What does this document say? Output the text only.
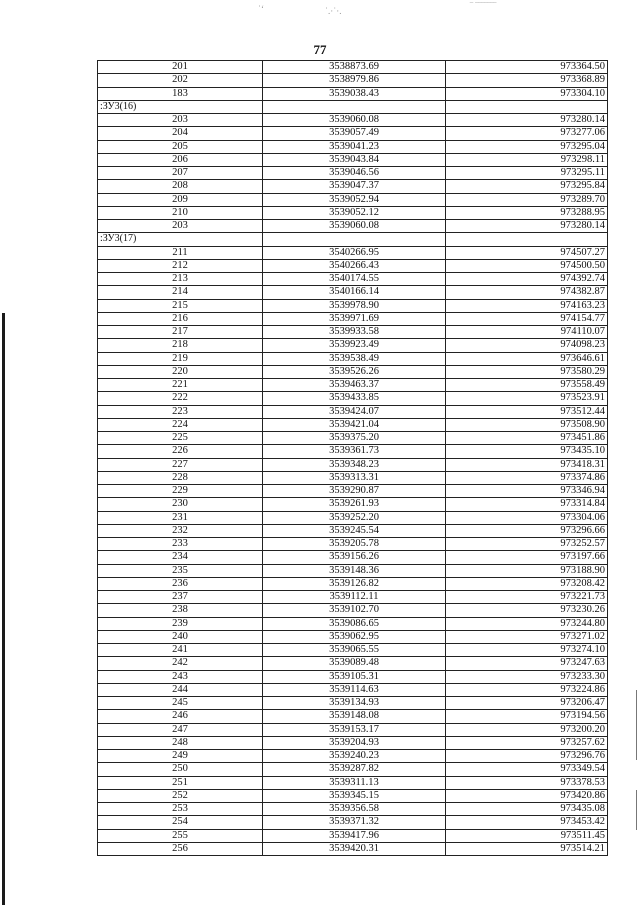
ʿ‘	˙.·˙·.	‾ ‾‾‾‾‾‾‾
77
201	3538873.69	973364.50
202	3538979.86	973368.89
183	3539038.43	973304.10
:ЗУ3(16)		
203	3539060.08	973280.14
204	3539057.49	973277.06
205	3539041.23	973295.04
206	3539043.84	973298.11
207	3539046.56	973295.11
208	3539047.37	973295.84
209	3539052.94	973289.70
210	3539052.12	973288.95
203	3539060.08	973280.14
:ЗУ3(17)		
211	3540266.95	974507.27
212	3540266.43	974500.50
213	3540174.55	974392.74
214	3540166.14	974382.87
215	3539978.90	974163.23
216	3539971.69	974154.77
217	3539933.58	974110.07
218	3539923.49	974098.23
219	3539538.49	973646.61
220	3539526.26	973580.29
221	3539463.37	973558.49
222	3539433.85	973523.91
223	3539424.07	973512.44
224	3539421.04	973508.90
225	3539375.20	973451.86
226	3539361.73	973435.10
227	3539348.23	973418.31
228	3539313.31	973374.86
229	3539290.87	973346.94
230	3539261.93	973314.84
231	3539252.20	973304.06
232	3539245.54	973296.66
233	3539205.78	973252.57
234	3539156.26	973197.66
235	3539148.36	973188.90
236	3539126.82	973208.42
237	3539112.11	973221.73
238	3539102.70	973230.26
239	3539086.65	973244.80
240	3539062.95	973271.02
241	3539065.55	973274.10
242	3539089.48	973247.63
243	3539105.31	973233.30
244	3539114.63	973224.86
245	3539134.93	973206.47
246	3539148.08	973194.56
247	3539153.17	973200.20
248	3539204.93	973257.62
249	3539240.23	973296.76
250	3539287.82	973349.54
251	3539311.13	973378.53
252	3539345.15	973420.86
253	3539356.58	973435.08
254	3539371.32	973453.42
255	3539417.96	973511.45
256	3539420.31	973514.21
